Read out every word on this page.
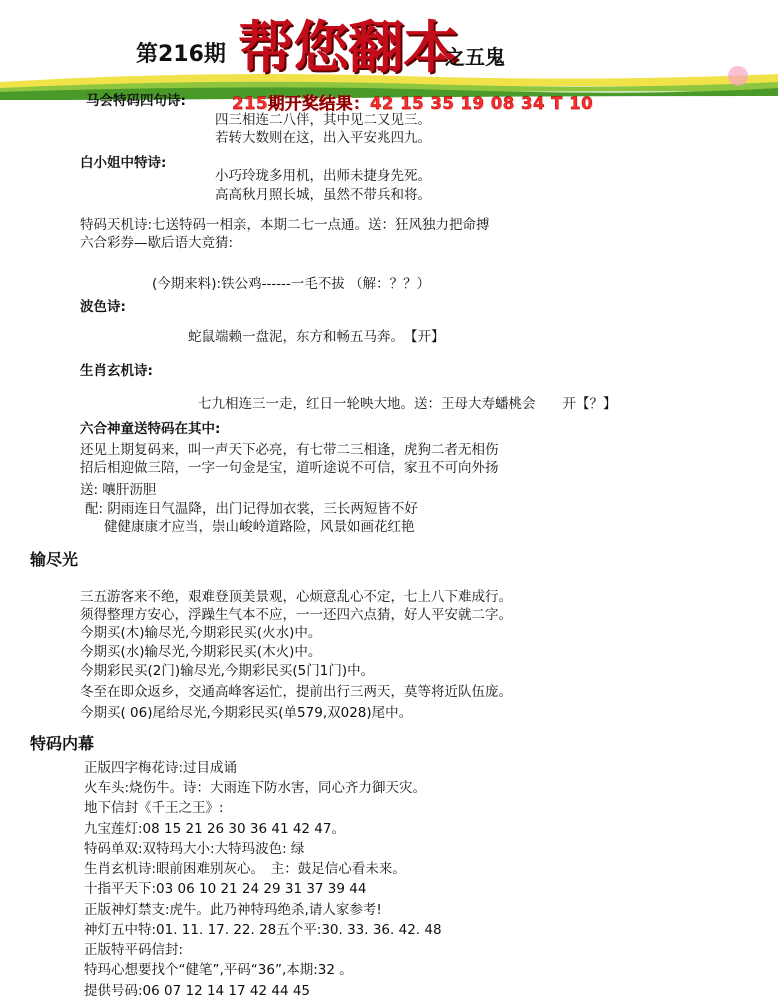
第216期 帮您翻本
之五鬼
马会特码四句诗:	215期开奖结果：42 15 35 19 08 34 T 10
四三相连二八伴，其中见二又见三。
若转大数则在这，出入平安兆四九。
白小姐中特诗:
小巧玲珑多用机，出师未捷身先死。
高高秋月照长城，虽然不带兵和将。
特码天机诗:七送特码一相亲，本期二七一点通。送：狂风独力把命搏
六合彩券—歇后语大竞猜:
(今期来料):铁公鸡------一毛不拔 （解：？？）
波色诗:
蛇鼠端赖一盘泥，东方和畅五马奔。　【开】
生肖玄机诗:
七九相连三一走，红日一轮映大地。送：王母大寿蟠桃会　　开【？】
六合神童送特码在其中:
还见上期复码来，叫一声天下必亮，有七带二三相逢，虎狗二者无相伤
招后相迎做三陪，一字一句金是宝，道听途说不可信，家丑不可向外扬
送: 嚷肝沥胆
配: 阴雨连日气温降，出门记得加衣裳，三长两短皆不好
健健康康才应当，崇山峻岭道路险，风景如画花红艳
输尽光
三五游客来不绝，艰难登顶美景观，心烦意乱心不定，七上八下难成行。
须得整理方安心，浮躁生气本不应，一一还四六点猜，好人平安就二字。
今期买(木)输尽光,今期彩民买(火水)中。
今期买(水)输尽光,今期彩民买(木火)中。
今期彩民买(2门)输尽光,今期彩民买(5门1门)中。
冬至在即众返乡，交通高峰客运忙，提前出行三两天，莫等将近队伍庞。
今期买( 06)尾给尽光,今期彩民买(单579,双028)尾中。
特码内幕
正版四字梅花诗:过目成诵
火车头:烧伤牛。诗：大雨连下防水害，同心齐力御天灾。
地下信封《千王之王》:
九宝莲灯:08 15 21 26 30 36 41 42 47。
特码单双:双特玛大小:大特玛波色: 绿
生肖玄机诗:眼前困难别灰心。　主：鼓足信心看未来。
十指平天下:03 06 10 21 24 29 31 37 39 44
正版神灯禁支:虎牛。此乃神特玛绝杀,请人家参考!
神灯五中特:01. 11. 17. 22. 28五个平:30. 33. 36. 42. 48
正版特平码信封:
特玛心想要找个“健笔”,平码“36”,本期:32 。
提供号码:06 07 12 14 17 42 44 45
